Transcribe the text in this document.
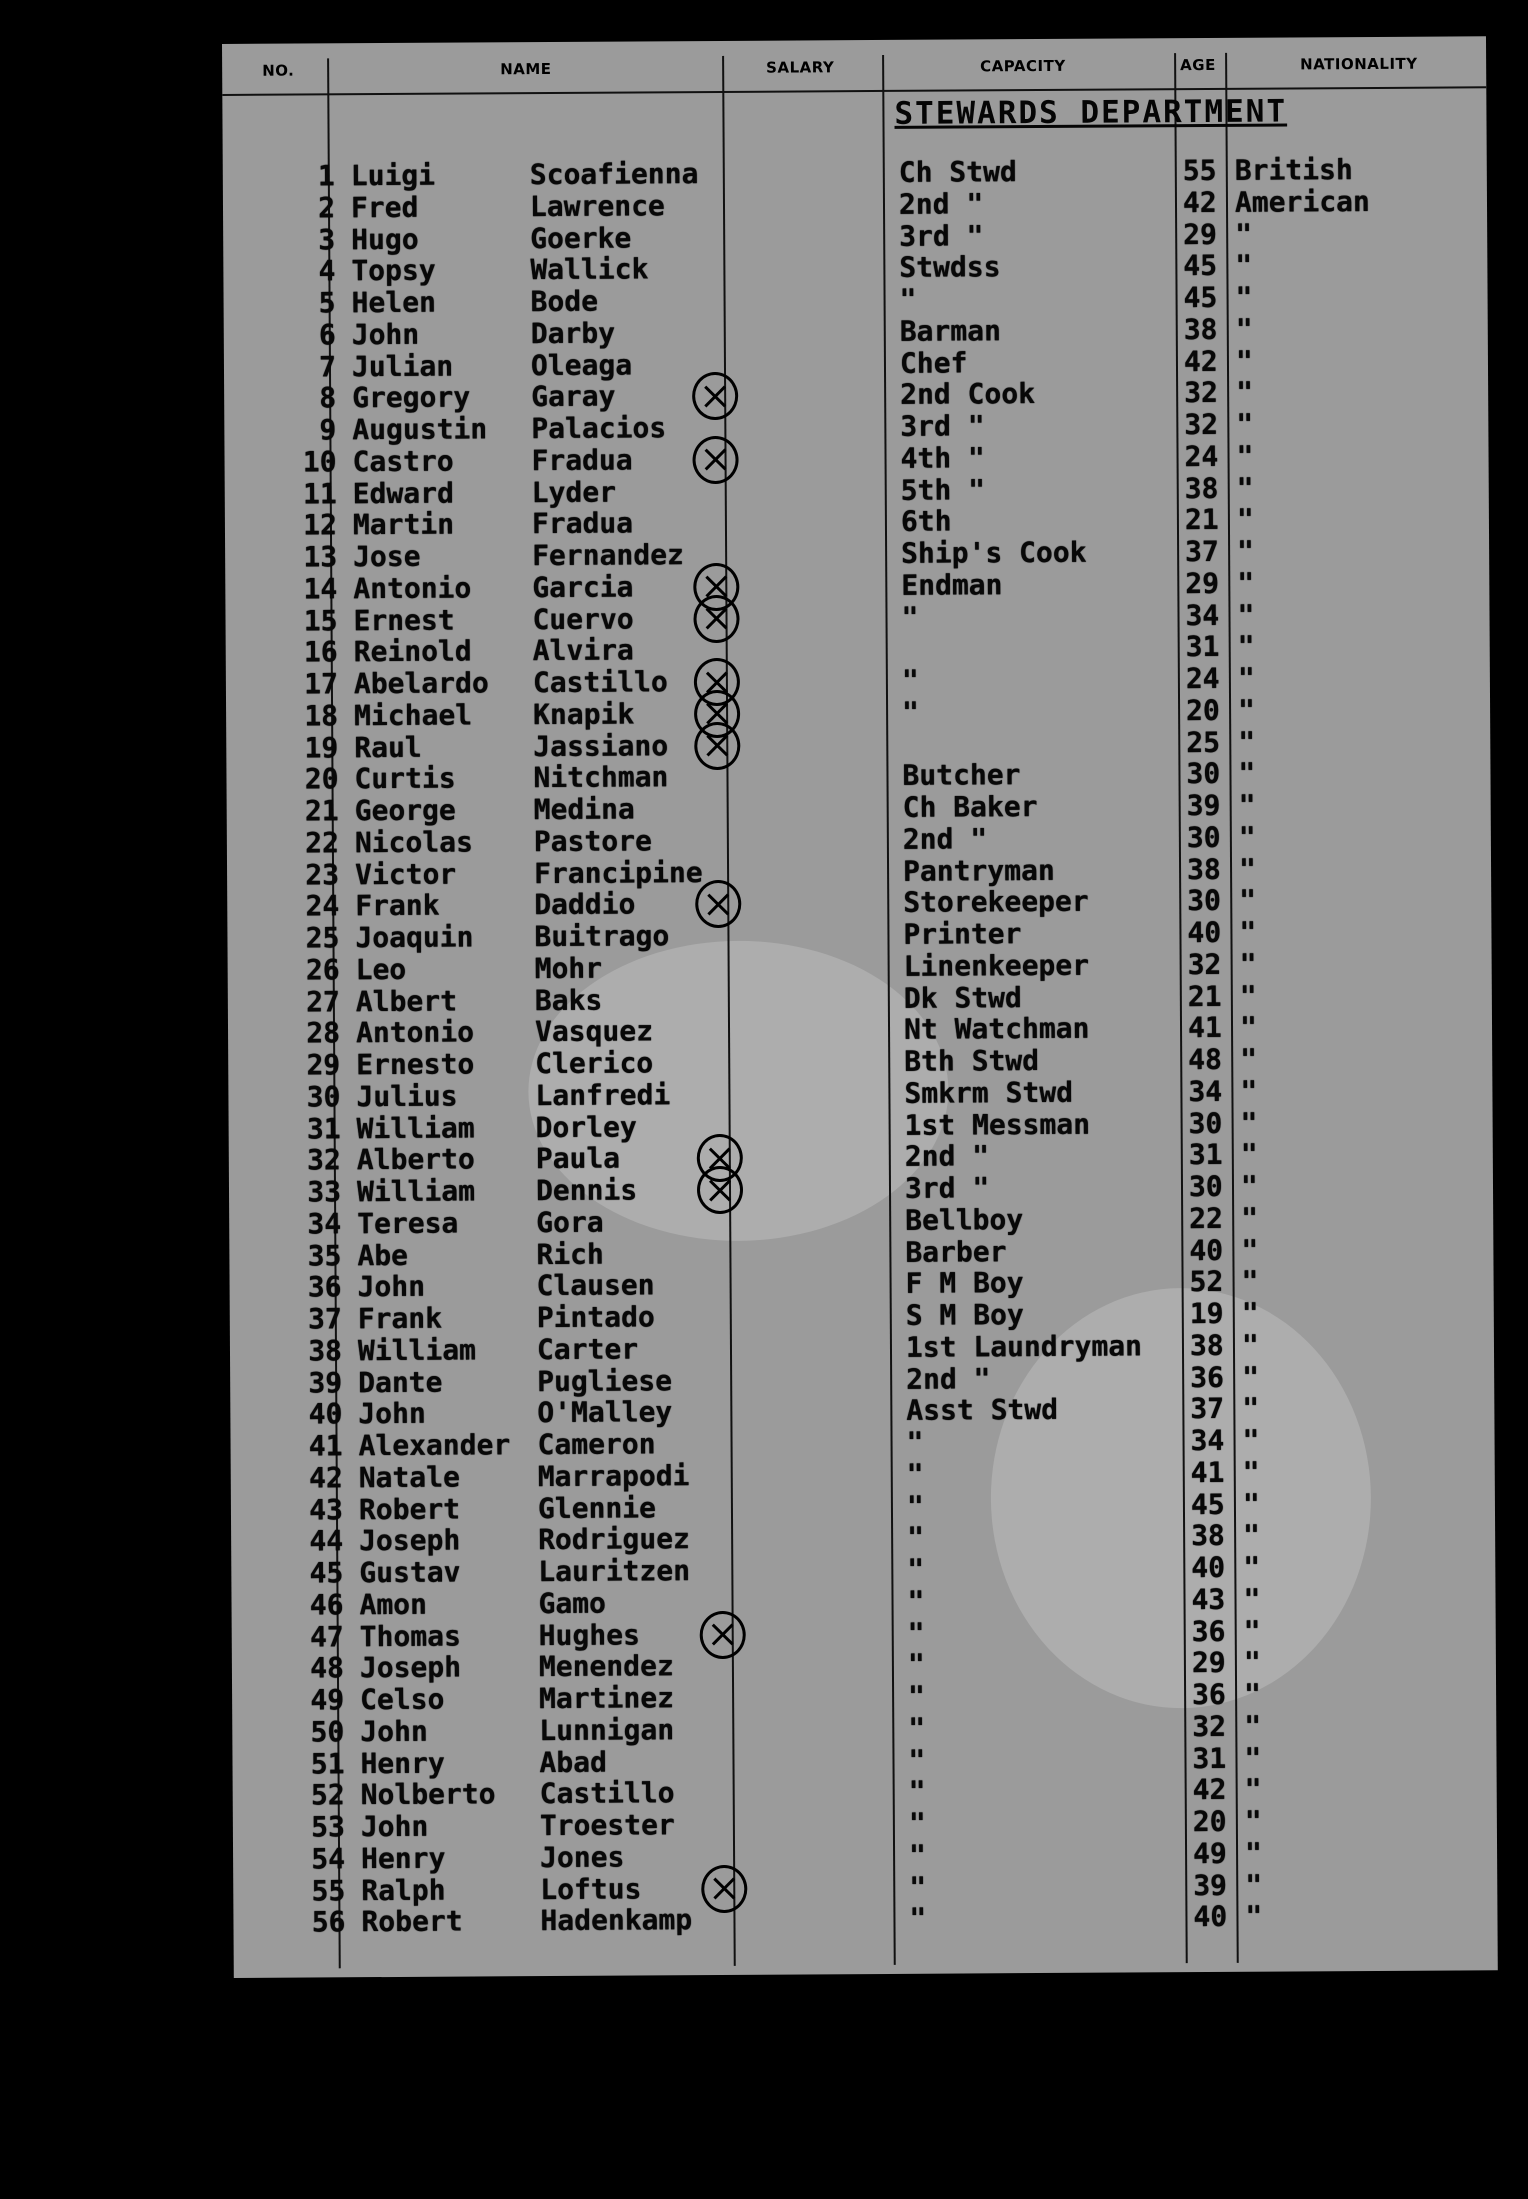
NO.	NAME	SALARY	CAPACITY	AGE	NATIONALITY
STEWARDS DEPARTMENT
1 Luigi	Scoafienna	Ch Stwd	55 British
2 Fred	Lawrence	2nd "	42 American
3 Hugo	Goerke	3rd "	29 "
4 Topsy	Wallick	Stwdss	45 "
5 Helen	Bode	"	45 "
6 John	Darby	Barman	38 "
7 Julian	Oleaga	Chef	42 "
8 Gregory Garay	2nd Cook	32 "
9 Augustin Palacios	3rd "	32 "
10 Castro	Fradua	4th "	24 "
11 Edward	Lyder	5th "	38 "
12 Martin	Fradua	6th	21 "
13 Jose	Fernandez	Ship's Cook	37 "
14 Antonio Garcia	Endman	29 "
15 Ernest	Cuervo	"	34 "
16 Reinold Alvira	31 "
17 Abelardo Castillo	"	24 "
18 Michael Knapik	"	20 "
19 Raul	Jassiano	25 "
20 Curtis	Nitchman	Butcher	30 "
21 George	Medina	Ch Baker	39 "
22 Nicolas Pastore	2nd "	30 "
23 Victor	Francipine	Pantryman	38 "
24 Frank	Daddio	Storekeeper	30 "
25 Joaquin Buitrago	Printer	40 "
26 Leo	Mohr	Linenkeeper	32 "
27 Albert	Baks	Dk Stwd	21 "
28 Antonio Vasquez	Nt Watchman	41 "
29 Ernesto Clerico	Bth Stwd	48 "
30 Julius	Lanfredi	Smkrm Stwd	34 "
31 William Dorley	1st Messman	30 "
32 Alberto Paula	2nd "	31 "
33 William Dennis	3rd "	30 "
34 Teresa	Gora	Bellboy	22 "
35 Abe	Rich	Barber	40 "
36 John	Clausen	F M Boy	52 "
37 Frank	Pintado	S M Boy	19 "
38 William Carter	1st Laundryman 38 "
39 Dante	Pugliese	2nd "	36 "
40 John	O'Malley	Asst Stwd	37 "
41 Alexander Cameron	"	34 "
42 Natale	Marrapodi	"	41 "
43 Robert	Glennie	"	45 "
44 Joseph	Rodriguez	"	38 "
45 Gustav	Lauritzen	"	40 "
46 Amon	Gamo	"	43 "
47 Thomas	Hughes	"	36 "
48 Joseph	Menendez	"	29 "
49 Celso	Martinez	"	36 "
50 John	Lunnigan	"	32 "
51 Henry	Abad	"	31 "
52 Nolberto Castillo	"	42 "
53 John	Troester	"	20 "
54 Henry	Jones	"	49 "
55 Ralph	Loftus	"	39 "
56 Robert	Hadenkamp	"	40 "
